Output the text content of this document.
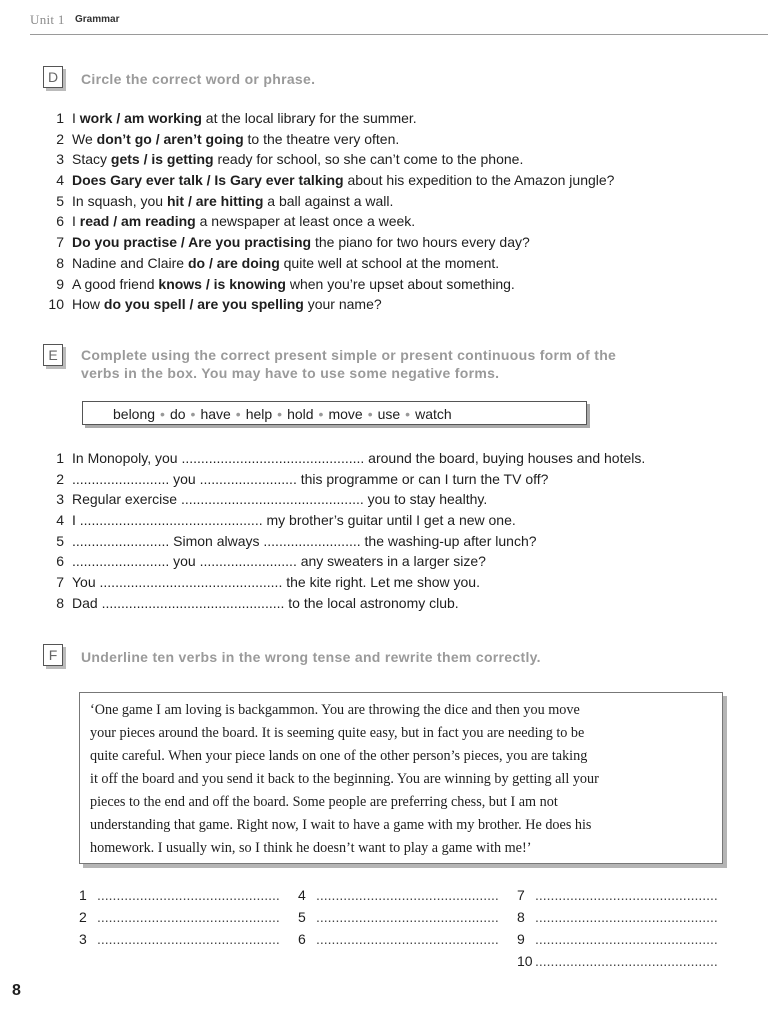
Unit 1 Grammar
D	Circle the correct word or phrase.
1 I work / am working at the local library for the summer.
2 We don’t go / aren’t going to the theatre very often.
3 Stacy gets / is getting ready for school, so she can’t come to the phone.
4 Does Gary ever talk / Is Gary ever talking about his expedition to the Amazon jungle?
5 In squash, you hit / are hitting a ball against a wall.
6 I read / am reading a newspaper at least once a week.
7 Do you practise / Are you practising the piano for two hours every day?
8 Nadine and Claire do / are doing quite well at school at the moment.
9 A good friend knows / is knowing when you’re upset about something.
10 How do you spell / are you spelling your name?
E	Complete using the correct present simple or present continuous form of the
verbs in the box. You may have to use some negative forms.
belong • do • have • help • hold • move • use • watch
1 In Monopoly, you ............................................... around the board, buying houses and hotels.
2 ......................... you ......................... this programme or can I turn the TV off?
3 Regular exercise ............................................... you to stay healthy.
4 I ............................................... my brother’s guitar until I get a new one.
5 ......................... Simon always ......................... the washing-up after lunch?
6 ......................... you ......................... any sweaters in a larger size?
7 You ............................................... the kite right. Let me show you.
8 Dad ............................................... to the local astronomy club.
F	Underline ten verbs in the wrong tense and rewrite them correctly.
‘One game I am loving is backgammon. You are throwing the dice and then you move
your pieces around the board. It is seeming quite easy, but in fact you are needing to be
quite careful. When your piece lands on one of the other person’s pieces, you are taking
it off the board and you send it back to the beginning. You are winning by getting all your
pieces to the end and off the board. Some people are preferring chess, but I am not
understanding that game. Right now, I wait to have a game with my brother. He does his
homework. I usually win, so I think he doesn’t want to play a game with me!’
1 ...............................................
2 ...............................................
3 ...............................................
4 ...............................................
5 ...............................................
6 ...............................................
7 ...............................................
8 ...............................................
9 ...............................................
10 ...............................................
8
